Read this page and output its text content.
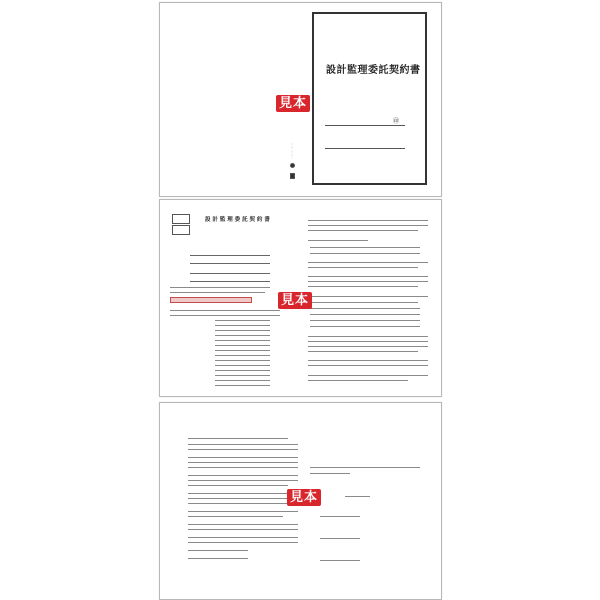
設計監理委託契約書
㊞
︙︙︙︙
見本
設 計 監 理 委 託 契 約 書
見本
見本
